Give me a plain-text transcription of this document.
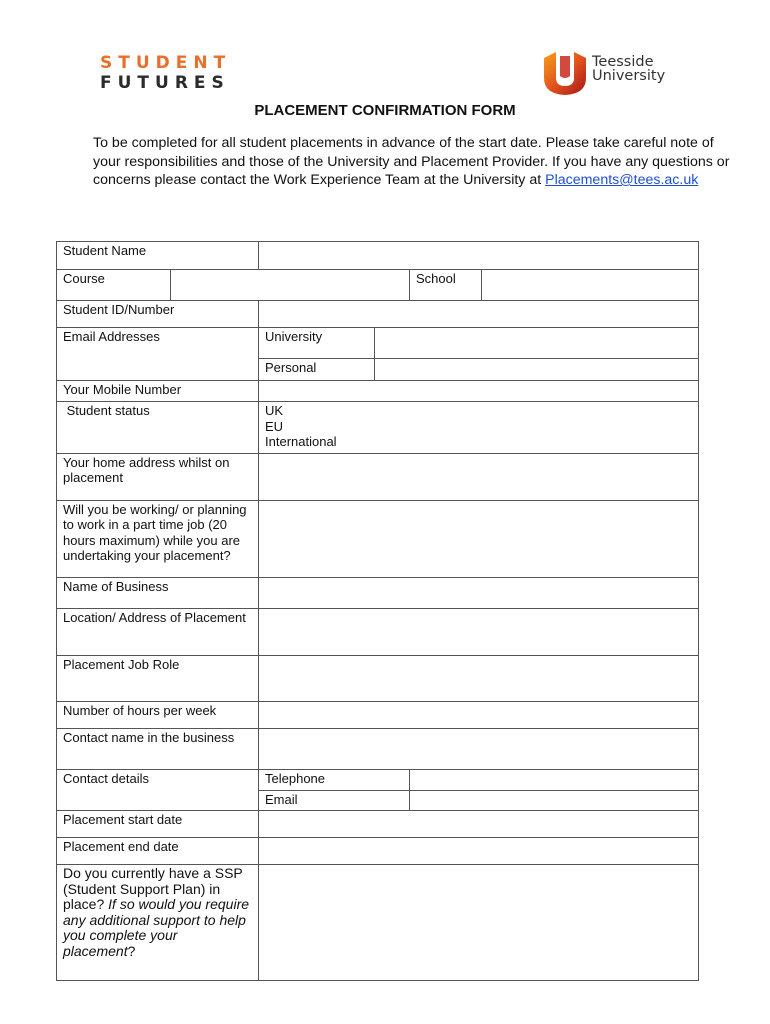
STUDENT
FUTURES
Teesside
University
PLACEMENT CONFIRMATION FORM
To be completed for all student placements in advance of the start date. Please take careful note of your responsibilities and those of the University and Placement Provider. If you have any questions or concerns please contact the Work Experience Team at the University at Placements@tees.ac.uk
Student Name					
Course				School	
Student ID/Number					
Email Addresses		University			
		Personal			
Your Mobile Number					
Student status		UK
EU
International			

Your home address whilst on placement					
Will you be working/ or planning to work in a part time job (20 hours maximum) while you are undertaking your placement?					
Name of Business					
Location/ Address of Placement					
Placement Job Role					
Number of hours per week					
Contact name in the business					
Contact details		Telephone			
		Email			
Placement start date					
Placement end date					
Do you currently have a SSP (Student Support Plan) in place? If so would you require any additional support to help you complete your placement?					
